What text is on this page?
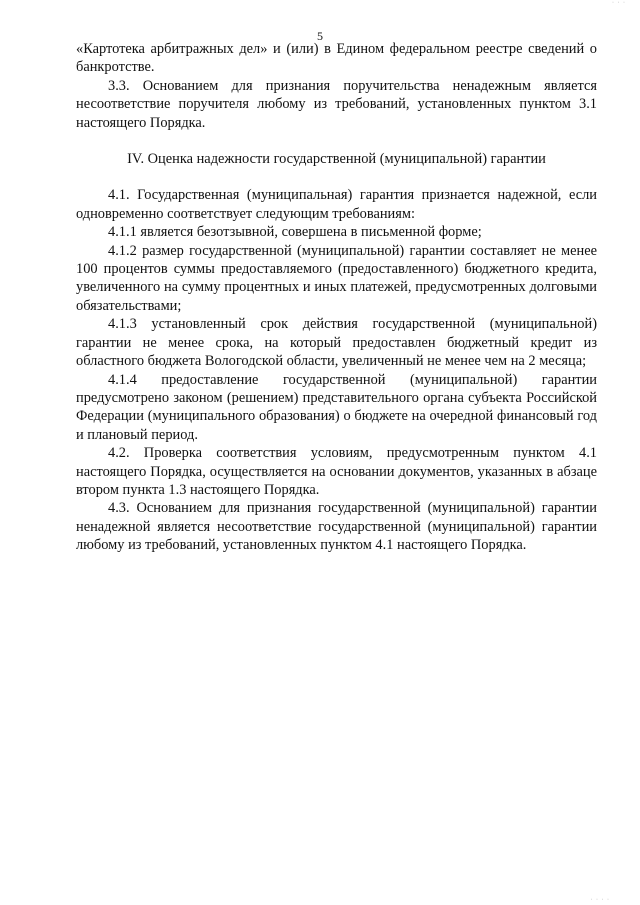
· · ·
5

«Картотека арбитражных дел» и (или) в Едином федеральном реестре сведений о банкротстве.

3.3. Основанием для признания поручительства ненадежным является несоответствие поручителя любому из требований, установленных пунктом 3.1 настоящего Порядка.

IV. Оценка надежности государственной (муниципальной) гарантии

4.1. Государственная (муниципальная) гарантия признается надежной, если одновременно соответствует следующим требованиям:

4.1.1 является безотзывной, совершена в письменной форме;

4.1.2 размер государственной (муниципальной) гарантии составляет не менее 100 процентов суммы предоставляемого (предоставленного) бюджетного кредита, увеличенного на сумму процентных и иных платежей, предусмотренных долговыми обязательствами;

4.1.3 установленный срок действия государственной (муниципальной) гарантии не менее срока, на который предоставлен бюджетный кредит из областного бюджета Вологодской области, увеличенный не менее чем на 2 месяца;

4.1.4 предоставление государственной (муниципальной) гарантии предусмотрено законом (решением) представительного органа субъекта Российской Федерации (муниципального образования) о бюджете на очередной финансовый год и плановый период.

4.2. Проверка соответствия условиям, предусмотренным пунктом 4.1 настоящего Порядка, осуществляется на основании документов, указанных в абзаце втором пункта 1.3 настоящего Порядка.

4.3. Основанием для признания государственной (муниципальной) гарантии ненадежной является несоответствие государственной (муниципальной) гарантии любому из требований, установленных пунктом 4.1 настоящего Порядка.

· · · ·
